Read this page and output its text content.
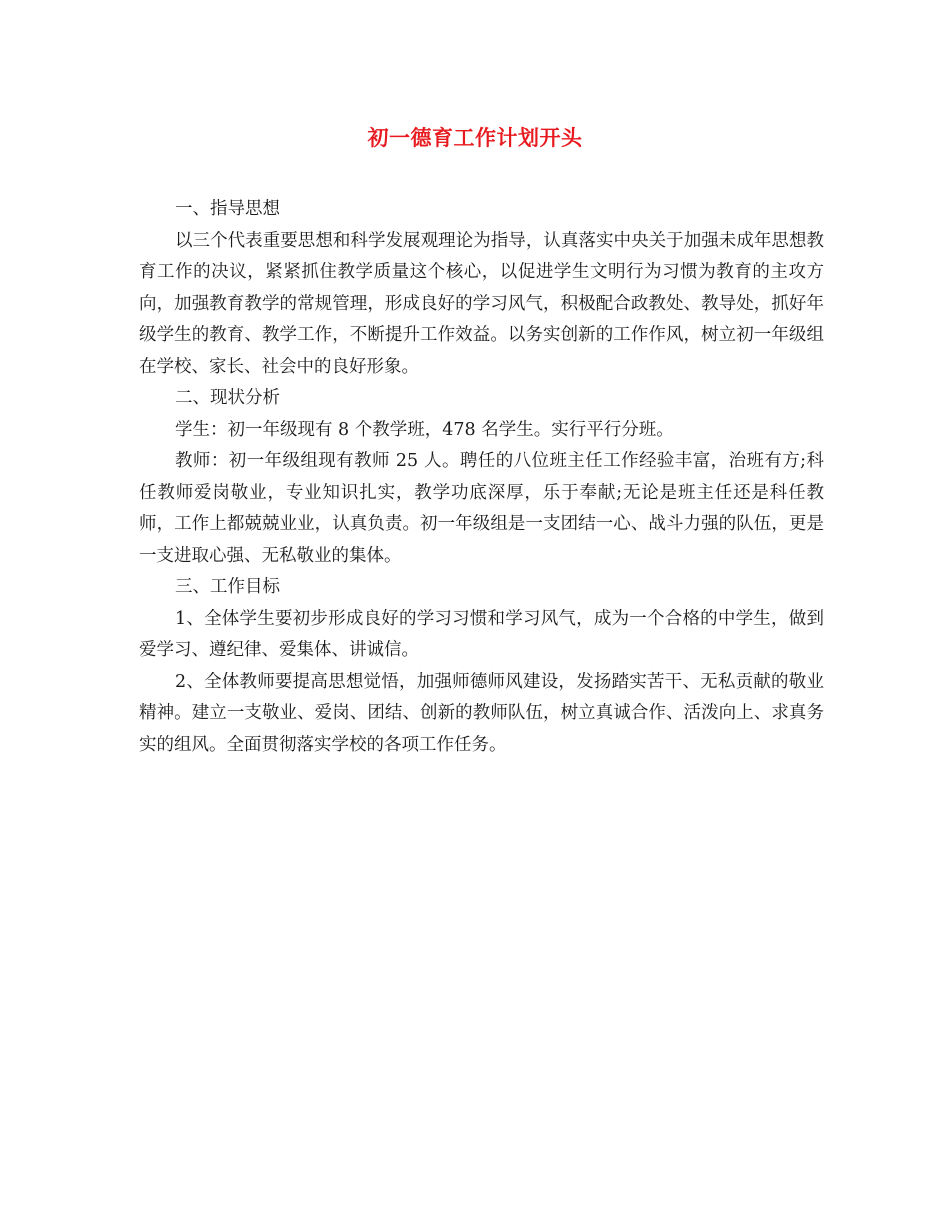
初一德育工作计划开头

一、指导思想

以三个代表重要思想和科学发展观理论为指导，认真落实中央关于加强未成年思想教育工作的决议，紧紧抓住教学质量这个核心，以促进学生文明行为习惯为教育的主攻方向，加强教育教学的常规管理，形成良好的学习风气，积极配合政教处、教导处，抓好年级学生的教育、教学工作，不断提升工作效益。以务实创新的工作作风，树立初一年级组在学校、家长、社会中的良好形象。

二、现状分析

学生：初一年级现有 8 个教学班，478 名学生。实行平行分班。

教师：初一年级组现有教师 25 人。聘任的八位班主任工作经验丰富，治班有方;科任教师爱岗敬业，专业知识扎实，教学功底深厚，乐于奉献;无论是班主任还是科任教师，工作上都兢兢业业，认真负责。初一年级组是一支团结一心、战斗力强的队伍，更是一支进取心强、无私敬业的集体。

三、工作目标

1、全体学生要初步形成良好的学习习惯和学习风气，成为一个合格的中学生，做到爱学习、遵纪律、爱集体、讲诚信。

2、全体教师要提高思想觉悟，加强师德师风建设，发扬踏实苦干、无私贡献的敬业精神。建立一支敬业、爱岗、团结、创新的教师队伍，树立真诚合作、活泼向上、求真务实的组风。全面贯彻落实学校的各项工作任务。
